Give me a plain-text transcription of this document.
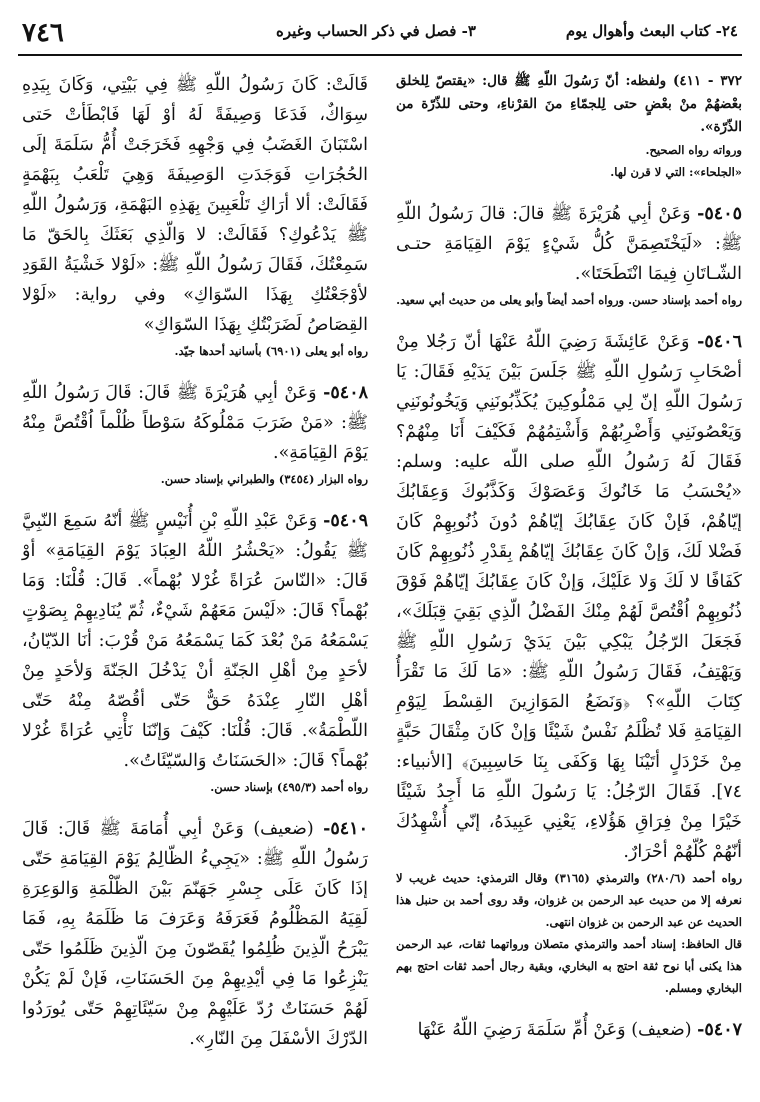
٧٤٦	٣- فصل في ذكر الحساب وغيره	٢٤- كتاب البعث وأهوال يوم

٣٧٢ - ٤١١) ولفظه: أنّ رَسُولَ اللّهِ ﷺ قال: «يقتصّ لِلخلق بعْضهُمْ منْ بعْضٍ حتى لِلجمّاءِ منَ القرْناءِ، وحتى للذّرّة من الذّرّة».

ورواته رواه الصحيح.

«الجلحاء»: التي لا قرن لها.

٥٤٠٥- وَعَنْ أبِي هُرَيْرَةَ ﷺ قالَ: قالَ رَسُولُ اللّهِ ﷺ: «لَيَخْتَصِمَنَّ كُلُّ شَيْءٍ يَوْمَ القِيَامَةِ حتـى الشّـاتَانِ فِيمَا انْتَطَحَتَا».

رواه أحمد بإسناد حسن. ورواه أحمد أيضاً وأبو يعلى من حديث أبي سعيد.

٥٤٠٦- وَعَنْ عَائِشَةَ رَضِيَ اللّهُ عَنْهَا أنّ رَجُلا مِنْ أصْحَابِ رَسُولِ اللّهِ ﷺ جَلَسَ بَيْنَ يَدَيْهِ فَقَالَ: يَا رَسُولَ اللّهِ إنّ لِي مَمْلُوكِينَ يُكَذِّبُونَنِي وَيَخُونُونَنِي وَيَعْصُونَنِي وَأَضْرِبُهُمْ وَأَشْتِمُهُمْ فَكَيْفَ أَنَا مِنْهُمْ؟ فَقَالَ لَهُ رَسُولُ اللّهِ صلى اللّه عليه: وسلم: «يُحْسَبُ مَا خَانُوكَ وَعَصَوْكَ وَكَذَّبُوكَ وَعِقَابُكَ إيّاهُمْ، فَإنْ كَانَ عِقَابُكَ إيّاهُمْ دُونَ ذُنُوبِهِمْ كَانَ فَضْلا لَكَ، وَإنْ كَانَ عِقَابُكَ إيّاهُمْ بِقَدْرِ ذُنُوبِهِمْ كَانَ كَفَافًا لا لَكَ وَلا عَلَيْكَ، وَإنْ كَانَ عِقَابُكَ إيّاهُمْ فَوْقَ ذُنُوبِهِمْ اُقْتُصَّ لَهُمْ مِنْكَ الفَضْلُ الّذِي بَقِيَ قِبَلَكَ»، فَجَعَلَ الرّجُلُ يَبْكِي بَيْنَ يَدَيْ رَسُولِ اللّهِ ﷺ وَيَهْتِفُ، فَقَالَ رَسُولُ اللّهِ ﷺ: «مَا لَكَ مَا تَقْرَأُ كِتَابَ اللّهِ»؟ ﴿وَنَضَعُ المَوَازِينَ القِسْطَ لِيَوْمِ القِيَامَةِ فَلا تُظْلَمُ نَفْسٌ شَيْئًا وَإنْ كَانَ مِثْقَالَ حَبَّةٍ مِنْ خَرْدَلٍ أتَيْنَا بِهَا وَكَفَى بِنَا حَاسِبِينَ﴾ [الأنبياء: ٧٤]. فَقَالَ الرّجُلُ: يَا رَسُولَ اللّهِ مَا أَجِدُ شَيْئًا خَيْرًا مِنْ فِرَاقِ هَؤُلاءِ، يَعْنِي عَبِيدَهُ، إنّي أُشْهِدُكَ أنّهُمْ كُلّهُمْ أحْرَارٌ.

رواه أحمد (٢٨٠/٦) والترمذي (٣١٦٥) وقال الترمذي: حديث غريب لا نعرفه إلا من حديث عبد الرحمن بن غزوان، وقد روى أحمد بن حنبل هذا الحديث عن عبد الرحمن بن غزوان انتهى.

قال الحافظ: إسناد أحمد والترمذي متصلان ورواتهما ثقات، عبد الرحمن هذا يكنى أبا نوح ثقة احتج به البخاري، وبقية رجال أحمد ثقات احتج بهم البخاري ومسلم.

٥٤٠٧- (ضعيف) وَعَنْ أُمِّ سَلَمَةَ رَضِيَ اللّهُ عَنْهَا

قَالَتْ: كَانَ رَسُولُ اللّهِ ﷺ فِي بَيْتِي، وَكَانَ بِيَدِهِ سِوَاكٌ، فَدَعَا وَصِيفَةً لَهُ أوْ لَهَا فَابْطَأتْ حَتى اسْتَبَانَ الغَضَبُ فِي وَجْهِهِ فَخَرَجَتْ أُمُّ سَلَمَةَ إلَى الحُجُرَاتِ فَوَجَدَتِ الوَصِيفَةَ وَهِيَ تَلْعَبُ بِبَهْمَةٍ فَقَالَتْ: ألا أرَاكِ تَلْعَبِينَ بِهَذِهِ البَهْمَةِ، وَرَسُولُ اللّهِ ﷺ يَدْعُوكِ؟ فَقَالَتْ: لا وَالّذِي بَعَثَكَ بِالحَقّ مَا سَمِعْتُكَ، فَقَالَ رَسُولُ اللّهِ ﷺ: «لَوْلا خَشْيَةُ القَوَدِ لأوْجَعْتُكِ بِهَذَا السّوَاكِ» وفي رواية: «لَوْلا القِصَاصُ لَضَرَبْتُكِ بِهَذَا السّوَاكِ»

رواه أبو يعلى (٦٩٠١) بأسانيد أحدها جيّد.

٥٤٠٨- وَعَنْ أبِي هُرَيْرَةَ ﷺ قَالَ: قَالَ رَسُولُ اللّهِ ﷺ: «مَنْ ضَرَبَ مَمْلُوكَهُ سَوْطاً ظُلْماً اُقْتُصَّ مِنْهُ يَوْمَ القِيَامَةِ».

رواه البزار (٣٤٥٤) والطبراني بإسناد حسن.

٥٤٠٩- وَعَنْ عَبْدِ اللّهِ بْنِ أُنَيْسٍ ﷺ أنّهُ سَمِعَ النّبِيَّ ﷺ يَقُولُ: «يَحْشُرُ اللّهُ العِبَادَ يَوْمَ القِيَامَةِ» أوْ قَالَ: «النّاسَ عُرَاةً غُرْلا بُهْماً». قَالَ: قُلْنَا: وَمَا بُهْماً؟ قَالَ: «لَيْسَ مَعَهُمْ شَيْءٌ، ثُمّ يُنَادِيهِمْ بِصَوْتٍ يَسْمَعُهُ مَنْ بُعْدَ كَمَا يَسْمَعُهُ مَنْ قُرْبَ: أنَا الدّيّانُ، لأحَدٍ مِنْ أهْلِ الجَنّةِ أنْ يَدْخُلَ الجَنّةَ وَلأحَدٍ مِنْ أهْلِ النّارِ عِنْدَهُ حَقٌّ حَتّى أقُصّهُ مِنْهُ حَتّى اللّطْمَةُ». قَالَ: قُلْنَا: كَيْفَ وَإنّنَا نَأْتِي عُرَاةً غُرْلا بُهْماً؟ قَالَ: «الحَسَنَاتُ وَالسّيّئَاتُ».

رواه أحمد (٤٩٥/٣) بإسناد حسن.

٥٤١٠- (ضعيف) وَعَنْ أبِي أُمَامَةَ ﷺ قَالَ: قَالَ رَسُولُ اللّهِ ﷺ: «يَجِيءُ الظّالِمُ يَوْمَ القِيَامَةِ حَتّى إذَا كَانَ عَلَى جِسْرِ جَهَنّمَ بَيْنَ الظّلْمَةِ وَالوَعِرَةِ لَقِيَهُ المَظْلُومُ فَعَرَفَهُ وَعَرَفَ مَا ظَلَمَهُ بِهِ، فَمَا يَبْرَحُ الّذِينَ ظُلِمُوا يُقَصّونَ مِنَ الّذِينَ ظَلَمُوا حَتّى يَنْزِعُوا مَا فِي أيْدِيهِمْ مِنَ الحَسَنَاتِ، فَإنْ لَمْ يَكُنْ لَهُمْ حَسَنَاتٌ رُدّ عَلَيْهِمْ مِنْ سَيّئَاتِهِمْ حَتّى يُورَدُوا الدّرْكَ الأسْفَلَ مِنَ النّارِ».
